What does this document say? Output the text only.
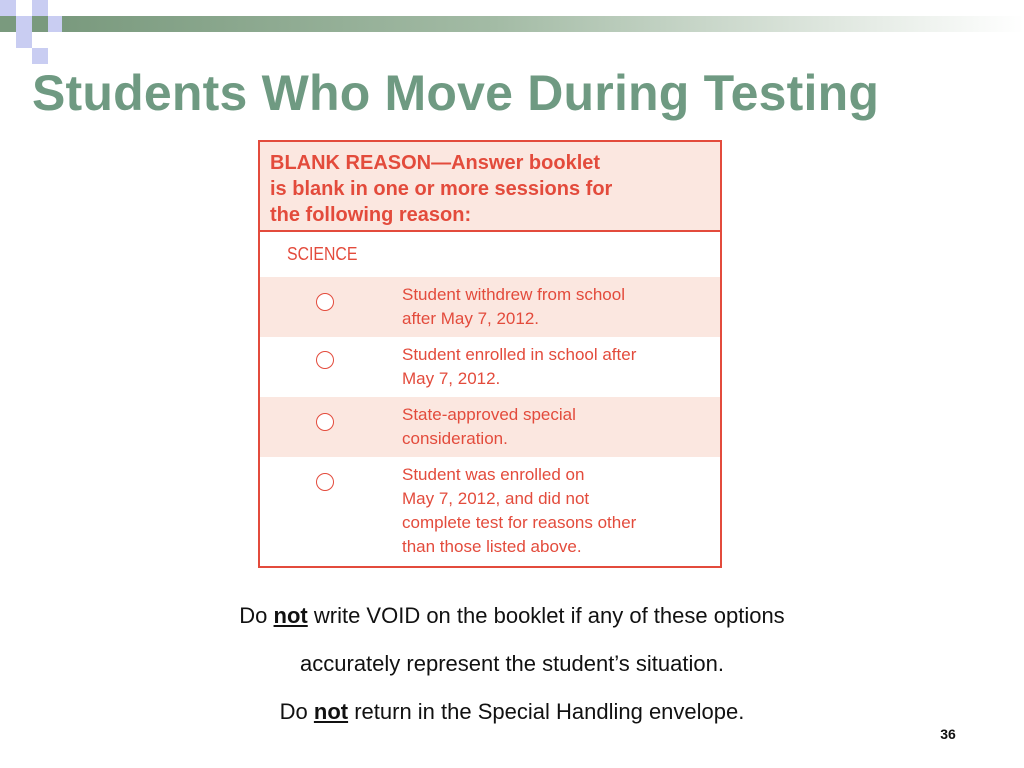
Students Who Move During Testing
BLANK REASON—Answer booklet
is blank in one or more sessions for
the following reason:
SCIENCE
Student withdrew from school
after May 7, 2012.
Student enrolled in school after
May 7, 2012.
State-approved special
consideration.
Student was enrolled on
May 7, 2012, and did not
complete test for reasons other
than those listed above.
Do not write VOID on the booklet if any of these options
accurately represent the student’s situation.
Do not return in the Special Handling envelope.
36
